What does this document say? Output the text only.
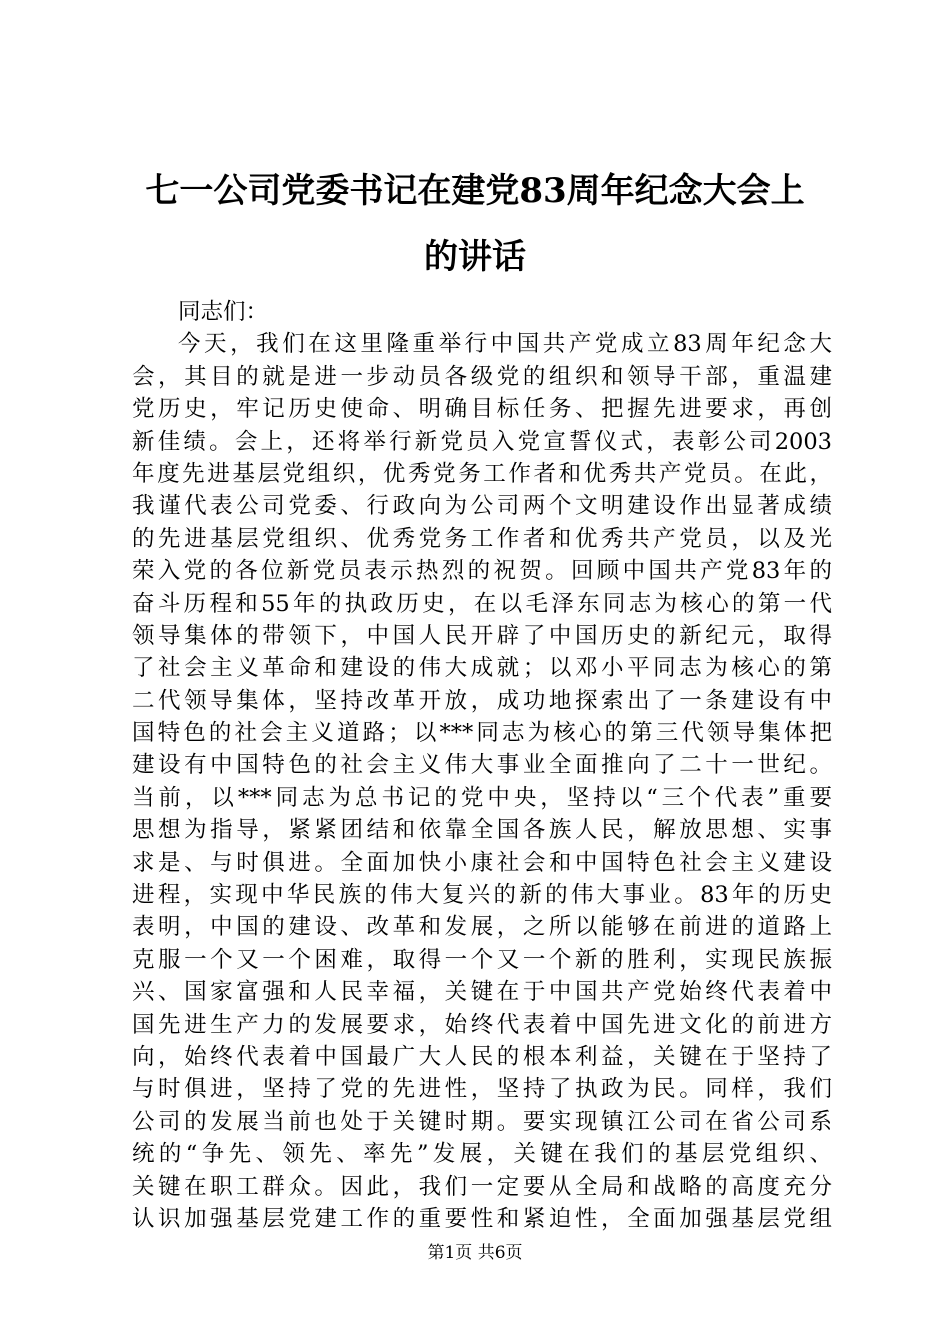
七一公司党委书记在建党83周年纪念大会上
的讲话
同志们：
今天，我们在这里隆重举行中国共产党成立83周年纪念大
会，其目的就是进一步动员各级党的组织和领导干部，重温建
党历史，牢记历史使命、明确目标任务、把握先进要求，再创
新佳绩。会上，还将举行新党员入党宣誓仪式，表彰公司2003
年度先进基层党组织，优秀党务工作者和优秀共产党员。在此，
我谨代表公司党委、行政向为公司两个文明建设作出显著成绩
的先进基层党组织、优秀党务工作者和优秀共产党员，以及光
荣入党的各位新党员表示热烈的祝贺。回顾中国共产党83年的
奋斗历程和55年的执政历史，在以毛泽东同志为核心的第一代
领导集体的带领下，中国人民开辟了中国历史的新纪元，取得
了社会主义革命和建设的伟大成就；以邓小平同志为核心的第
二代领导集体，坚持改革开放，成功地探索出了一条建设有中
国特色的社会主义道路；以***同志为核心的第三代领导集体把
建设有中国特色的社会主义伟大事业全面推向了二十一世纪。
当前，以***同志为总书记的党中央，坚持以“三个代表”重要
思想为指导，紧紧团结和依靠全国各族人民，解放思想、实事
求是、与时俱进。全面加快小康社会和中国特色社会主义建设
进程，实现中华民族的伟大复兴的新的伟大事业。83年的历史
表明，中国的建设、改革和发展，之所以能够在前进的道路上
克服一个又一个困难，取得一个又一个新的胜利，实现民族振
兴、国家富强和人民幸福，关键在于中国共产党始终代表着中
国先进生产力的发展要求，始终代表着中国先进文化的前进方
向，始终代表着中国最广大人民的根本利益，关键在于坚持了
与时俱进，坚持了党的先进性，坚持了执政为民。同样，我们
公司的发展当前也处于关键时期。要实现镇江公司在省公司系
统的“争先、领先、率先”发展，关键在我们的基层党组织、
关键在职工群众。因此，我们一定要从全局和战略的高度充分
认识加强基层党建工作的重要性和紧迫性，全面加强基层党组
第1页 共6页
